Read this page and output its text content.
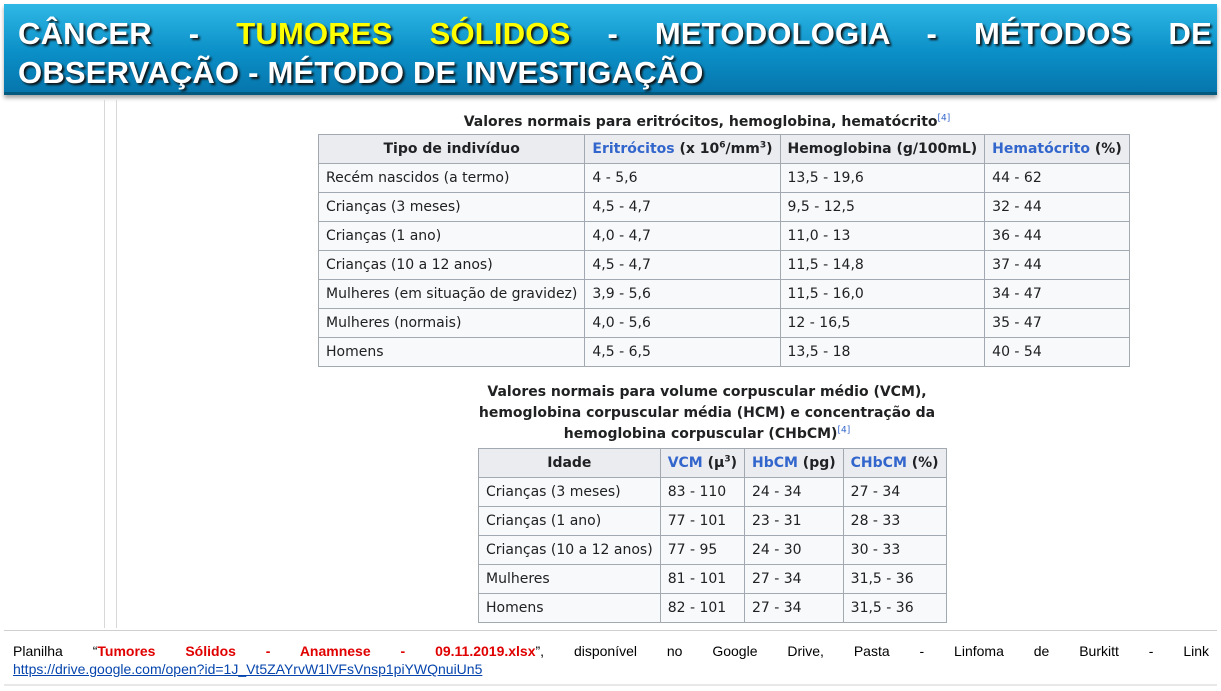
CÂNCER - TUMORES SÓLIDOS - METODOLOGIA - MÉTODOS DE OBSERVAÇÃO - MÉTODO DE INVESTIGAÇÃO
Valores normais para eritrócitos, hemoglobina, hematócrito[4]
Tipo de indivíduo	Eritrócitos (x $10^6/mm^3$)	Hemoglobina (g/100mL)	Hematócrito (%)
Recém nascidos (a termo)	4 - 5,6	13,5 - 19,6	44 - 62
Crianças (3 meses)	4,5 - 4,7	9,5 - 12,5	32 - 44
Crianças (1 ano)	4,0 - 4,7	11,0 - 13	36 - 44
Crianças (10 a 12 anos)	4,5 - 4,7	11,5 - 14,8	37 - 44
Mulheres (em situação de gravidez)	3,9 - 5,6	11,5 - 16,0	34 - 47
Mulheres (normais)	4,0 - 5,6	12 - 16,5	35 - 47
Homens	4,5 - 6,5	13,5 - 18	40 - 54
Valores normais para volume corpuscular médio (VCM),
hemoglobina corpuscular média (HCM) e concentração da
hemoglobina corpuscular (CHbCM)[4]
Idade	VCM $(\mu^3)$	HbCM (pg)	CHbCM (%)
Crianças (3 meses)	83 - 110	24 - 34	27 - 34
Crianças (1 ano)	77 - 101	23 - 31	28 - 33
Crianças (10 a 12 anos)	77 - 95	24 - 30	30 - 33
Mulheres	81 - 101	27 - 34	31,5 - 36
Homens	82 - 101	27 - 34	31,5 - 36
Planilha “Tumores Sólidos - Anamnese - 09.11.2019.xlsx”, disponível no Google Drive, Pasta - Linfoma de Burkitt - Link
https://drive.google.com/open?id=1J_Vt5ZAYrvW1lVFsVnsp1piYWQnuiUn5
